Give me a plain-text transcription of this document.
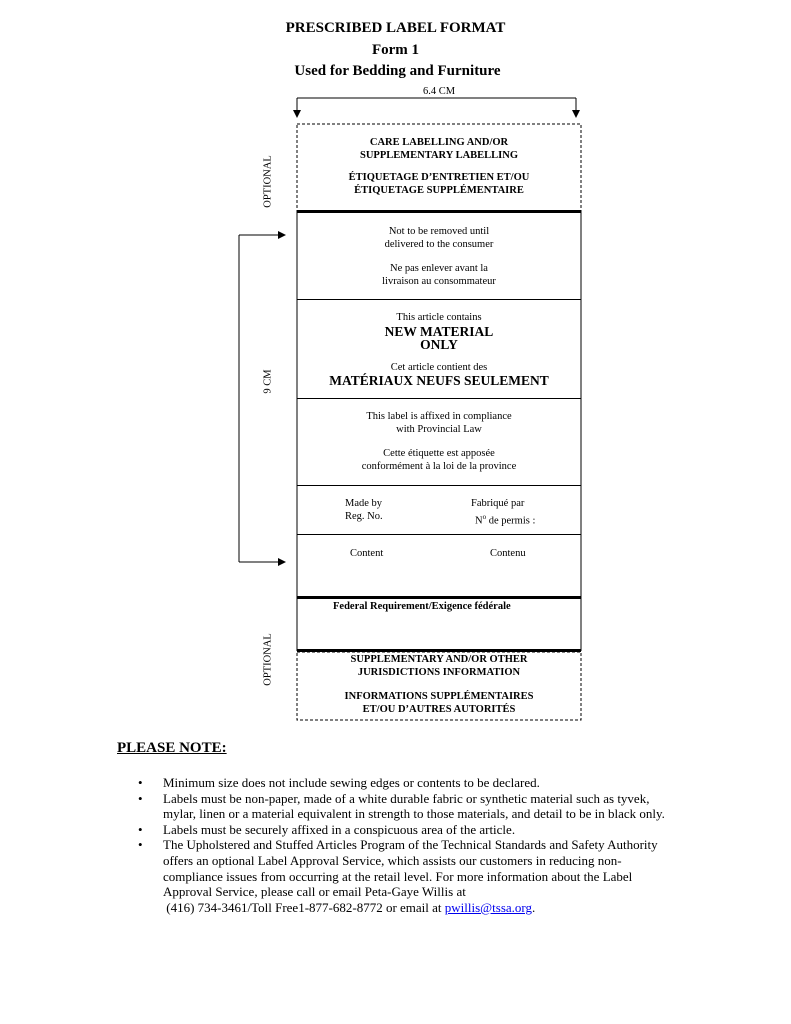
PRESCRIBED LABEL FORMAT
Form 1
Used for Bedding and Furniture
6.4 CM
OPTIONAL
9 CM
OPTIONAL
CARE LABELLING AND/OR
SUPPLEMENTARY LABELLING
ÉTIQUETAGE D’ENTRETIEN ET/OU
ÉTIQUETAGE SUPPLÉMENTAIRE
Not to be removed until
delivered to the consumer
Ne pas enlever avant la
livraison au consommateur
This article contains
NEW MATERIAL
ONLY
Cet article contient des
MATÉRIAUX NEUFS SEULEMENT
This label is affixed in compliance
with Provincial Law
Cette étiquette est apposée
conformément à la loi de la province
Made by
Reg. No.
Fabriqué par
$N^o$ de permis :
Content	Contenu
Federal Requirement/Exigence fédérale
SUPPLEMENTARY AND/OR OTHER
JURISDICTIONS INFORMATION
INFORMATIONS SUPPLÉMENTAIRES
ET/OU D’AUTRES AUTORITÉS
PLEASE NOTE:
• Minimum size does not include sewing edges or contents to be declared.
• Labels must be non-paper, made of a white durable fabric or synthetic material such as tyvek,
mylar, linen or a material equivalent in strength to those materials, and detail to be in black only.
• Labels must be securely affixed in a conspicuous area of the article.
• The Upholstered and Stuffed Articles Program of the Technical Standards and Safety Authority
offers an optional Label Approval Service, which assists our customers in reducing non-
compliance issues from occurring at the retail level. For more information about the Label
Approval Service, please call or email Peta-Gaye Willis at
(416) 734-3461/Toll Free1-877-682-8772 or email at pwillis@tssa.org.
